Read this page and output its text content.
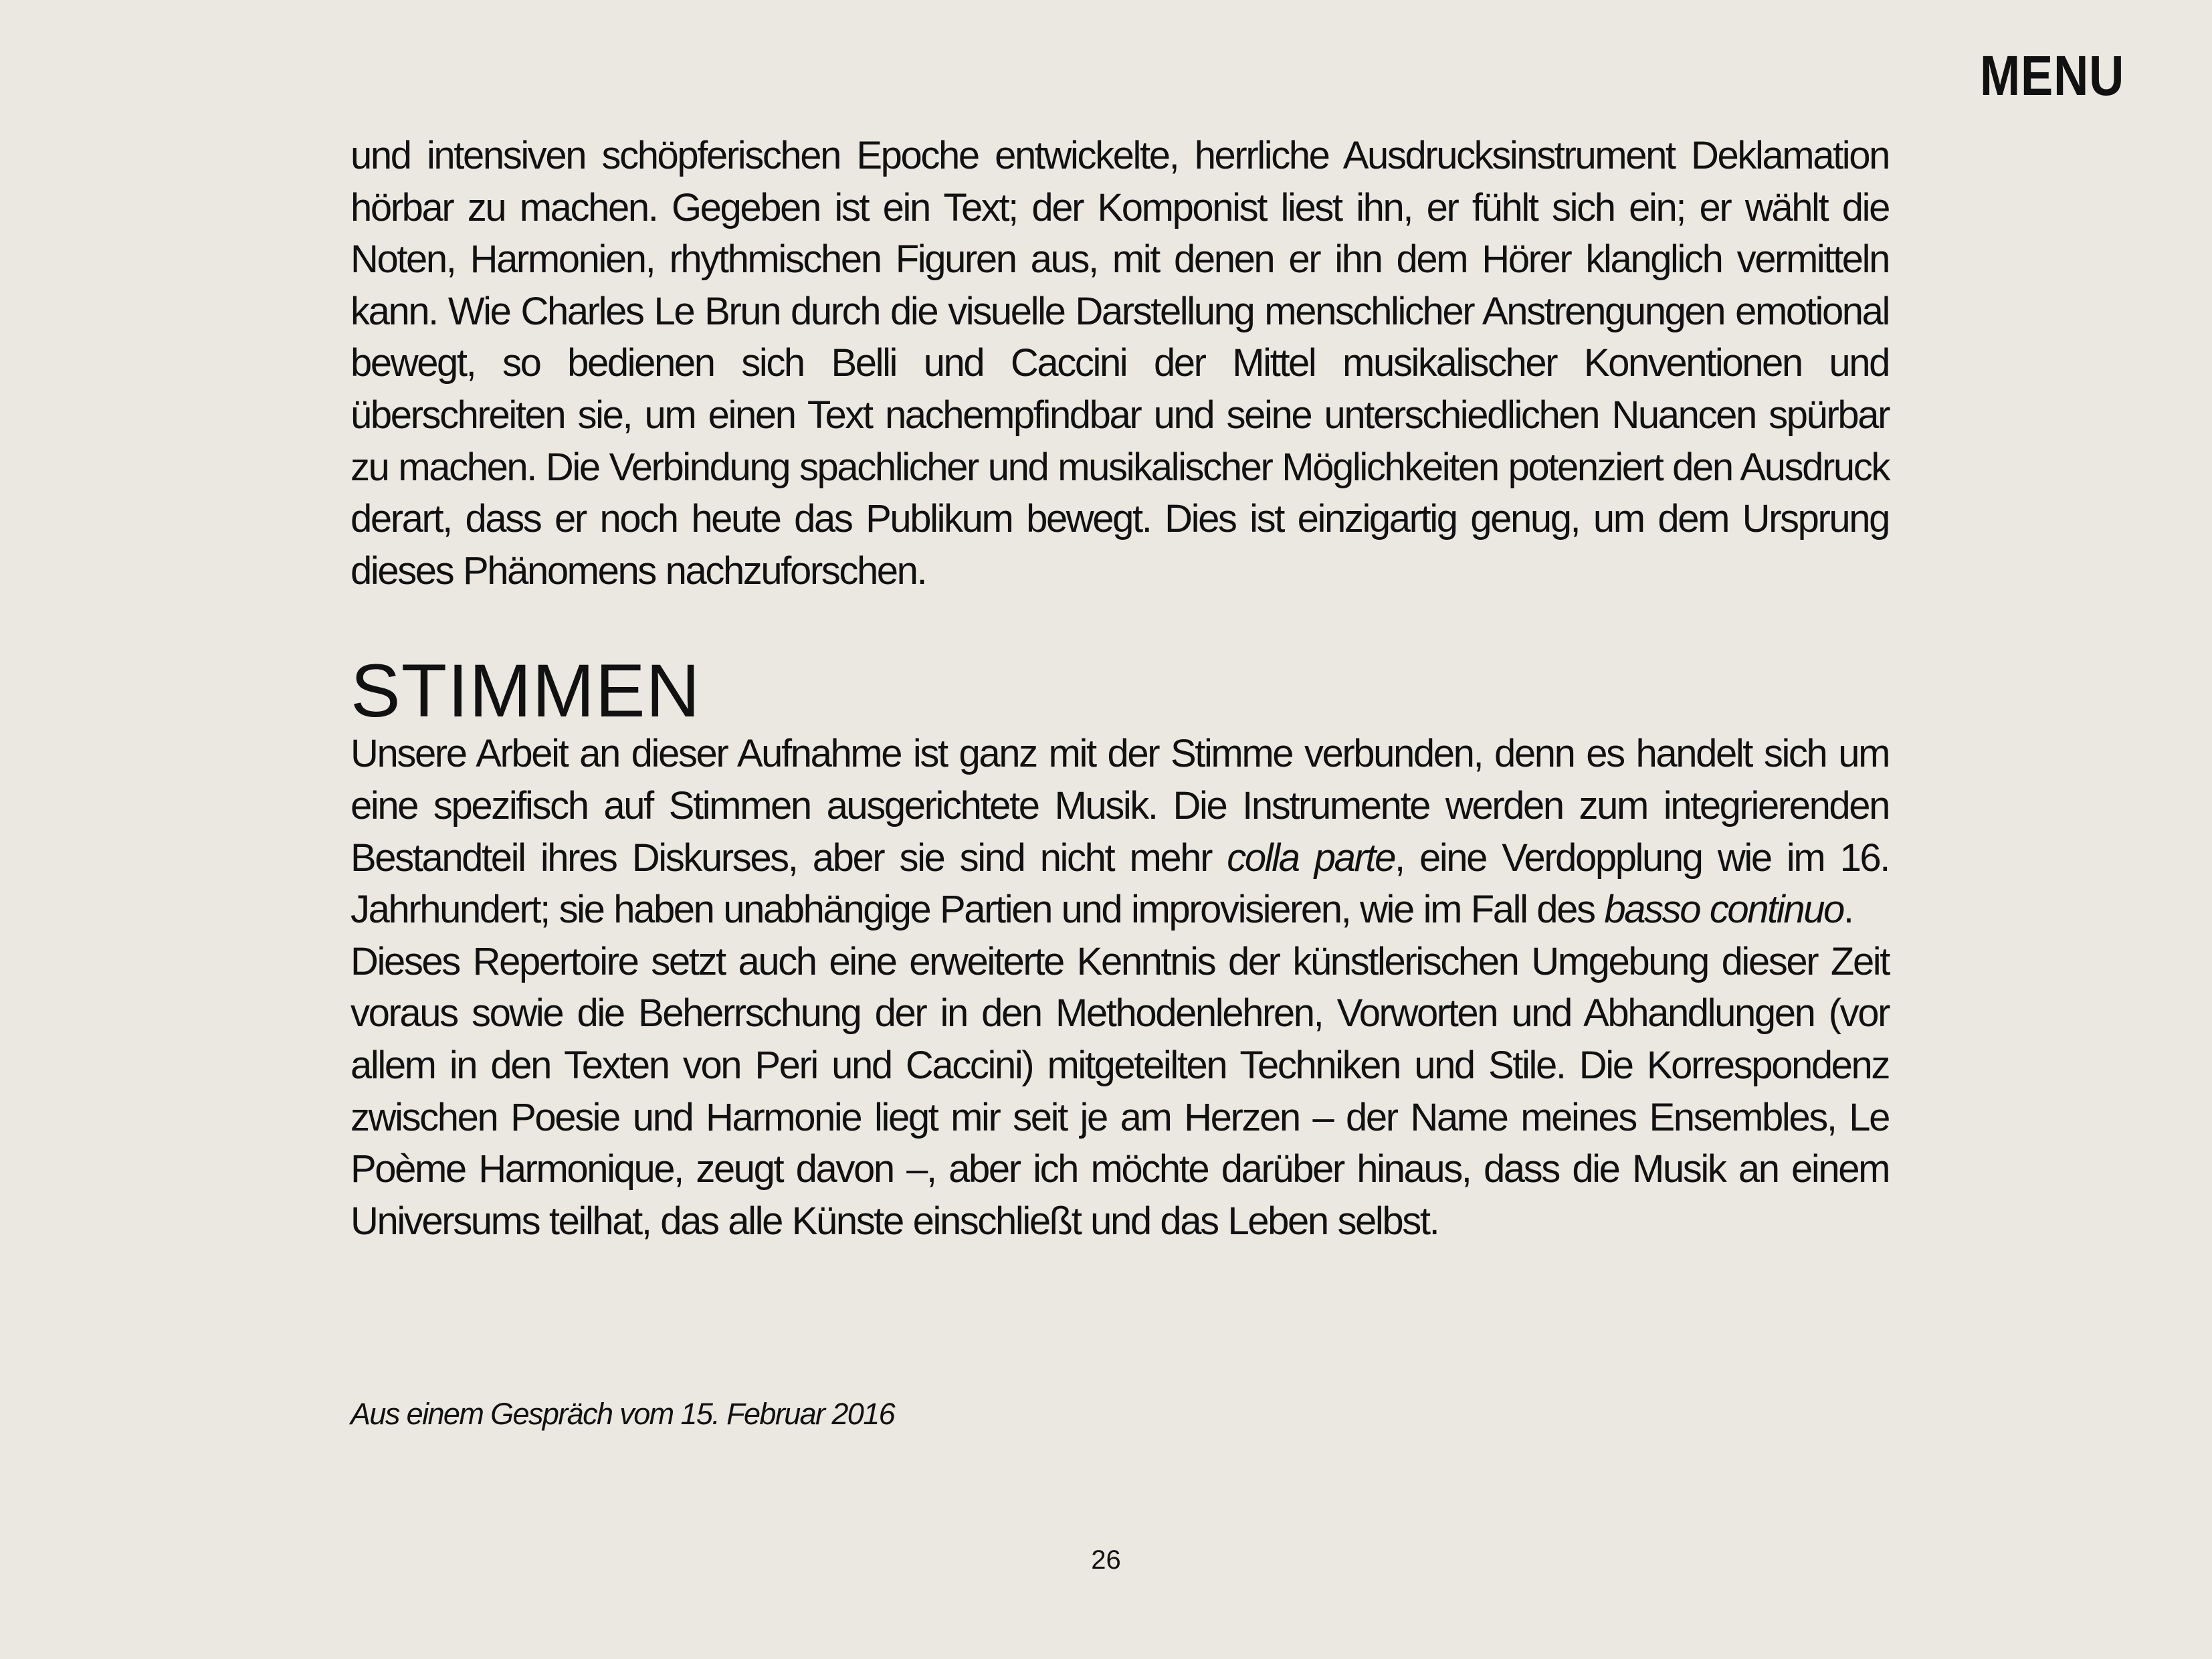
MENU

und intensiven schöpferischen Epoche entwickelte, herrliche Ausdrucksinstrument Deklamation hörbar zu machen. Gegeben ist ein Text; der Komponist liest ihn, er fühlt sich ein; er wählt die Noten, Harmonien, rhythmischen Figuren aus, mit denen er ihn dem Hörer klanglich vermitteln kann. Wie Charles Le Brun durch die visuelle Darstellung menschlicher Anstrengungen emotional bewegt, so bedienen sich Belli und Caccini der Mittel musikalischer Konventionen und überschreiten sie, um einen Text nachempfindbar und seine unterschiedlichen Nuancen spürbar zu machen. Die Verbindung spachlicher und musikalischer Möglichkeiten potenziert den Ausdruck derart, dass er noch heute das Publikum bewegt. Dies ist einzigartig genug, um dem Ursprung dieses Phänomens nachzuforschen.

STIMMEN

Unsere Arbeit an dieser Aufnahme ist ganz mit der Stimme verbunden, denn es handelt sich um eine spezifisch auf Stimmen ausgerichtete Musik. Die Instrumente werden zum integrierenden Bestandteil ihres Diskurses, aber sie sind nicht mehr colla parte, eine Verdopplung wie im 16. Jahrhundert; sie haben unabhängige Partien und improvisieren, wie im Fall des basso continuo.

Dieses Repertoire setzt auch eine erweiterte Kenntnis der künstlerischen Umgebung dieser Zeit voraus sowie die Beherrschung der in den Methodenlehren, Vorworten und Abhandlungen (vor allem in den Texten von Peri und Caccini) mitgeteilten Techniken und Stile. Die Korrespondenz zwischen Poesie und Harmonie liegt mir seit je am Herzen – der Name meines Ensembles, Le Poème Harmonique, zeugt davon –, aber ich möchte darüber hinaus, dass die Musik an einem Universums teilhat, das alle Künste einschließt und das Leben selbst.

Aus einem Gespräch vom 15. Februar 2016
26
